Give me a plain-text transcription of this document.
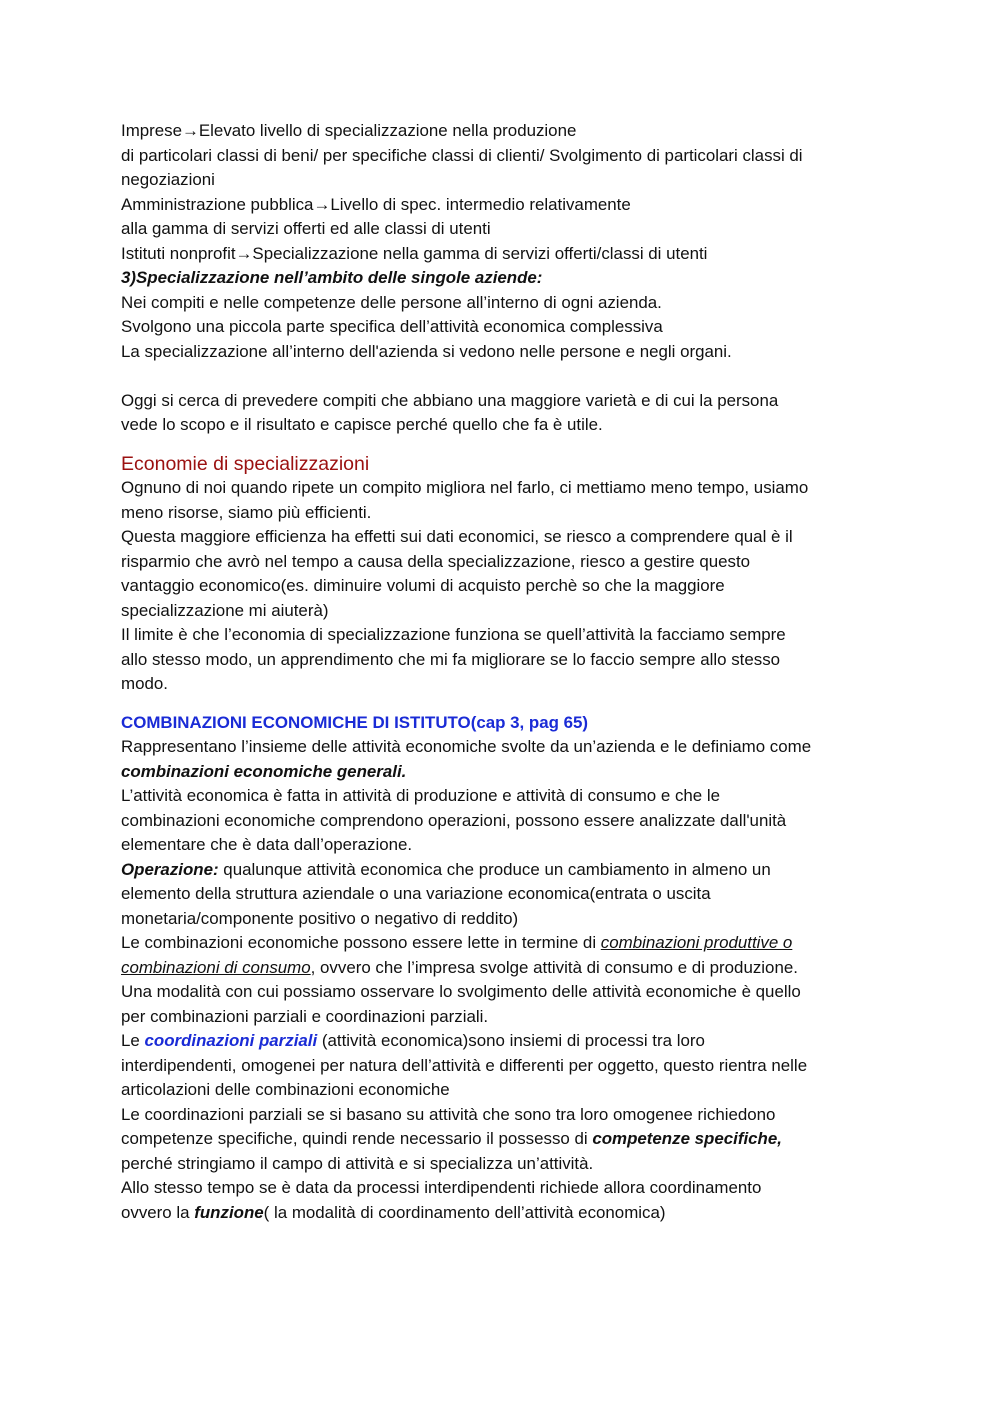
Imprese→Elevato livello di specializzazione nella produzione
di particolari classi di beni/ per specifiche classi di clienti/ Svolgimento di particolari classi di
negoziazioni
Amministrazione pubblica→Livello di spec. intermedio relativamente
alla gamma di servizi offerti ed alle classi di utenti
Istituti nonprofit→Specializzazione nella gamma di servizi offerti/classi di utenti
3)Specializzazione nell’ambito delle singole aziende:
Nei compiti e nelle competenze delle persone all’interno di ogni azienda.
Svolgono una piccola parte specifica dell’attività economica complessiva
La specializzazione all’interno dell'azienda si vedono nelle persone e negli organi.
Oggi si cerca di prevedere compiti che abbiano una maggiore varietà e di cui la persona
vede lo scopo e il risultato e capisce perché quello che fa è utile.
Economie di specializzazioni
Ognuno di noi quando ripete un compito migliora nel farlo, ci mettiamo meno tempo, usiamo
meno risorse, siamo più efficienti.
Questa maggiore efficienza ha effetti sui dati economici, se riesco a comprendere qual è il
risparmio che avrò nel tempo a causa della specializzazione, riesco a gestire questo
vantaggio economico(es. diminuire volumi di acquisto perchè so che la maggiore
specializzazione mi aiuterà)
Il limite è che l’economia di specializzazione funziona se quell’attività la facciamo sempre
allo stesso modo, un apprendimento che mi fa migliorare se lo faccio sempre allo stesso
modo.
COMBINAZIONI ECONOMICHE DI ISTITUTO(cap 3, pag 65)
Rappresentano l’insieme delle attività economiche svolte da un’azienda e le definiamo come
combinazioni economiche generali.
L’attività economica è fatta in attività di produzione e attività di consumo e che le
combinazioni economiche comprendono operazioni, possono essere analizzate dall'unità
elementare che è data dall’operazione.
Operazione: qualunque attività economica che produce un cambiamento in almeno un
elemento della struttura aziendale o una variazione economica(entrata o uscita
monetaria/componente positivo o negativo di reddito)
Le combinazioni economiche possono essere lette in termine di combinazioni produttive o
combinazioni di consumo, ovvero che l’impresa svolge attività di consumo e di produzione.
Una modalità con cui possiamo osservare lo svolgimento delle attività economiche è quello
per combinazioni parziali e coordinazioni parziali.
Le coordinazioni parziali (attività economica)sono insiemi di processi tra loro
interdipendenti, omogenei per natura dell’attività e differenti per oggetto, questo rientra nelle
articolazioni delle combinazioni economiche
Le coordinazioni parziali se si basano su attività che sono tra loro omogenee richiedono
competenze specifiche, quindi rende necessario il possesso di competenze specifiche,
perché stringiamo il campo di attività e si specializza un’attività.
Allo stesso tempo se è data da processi interdipendenti richiede allora coordinamento
ovvero la funzione( la modalità di coordinamento dell’attività economica)
